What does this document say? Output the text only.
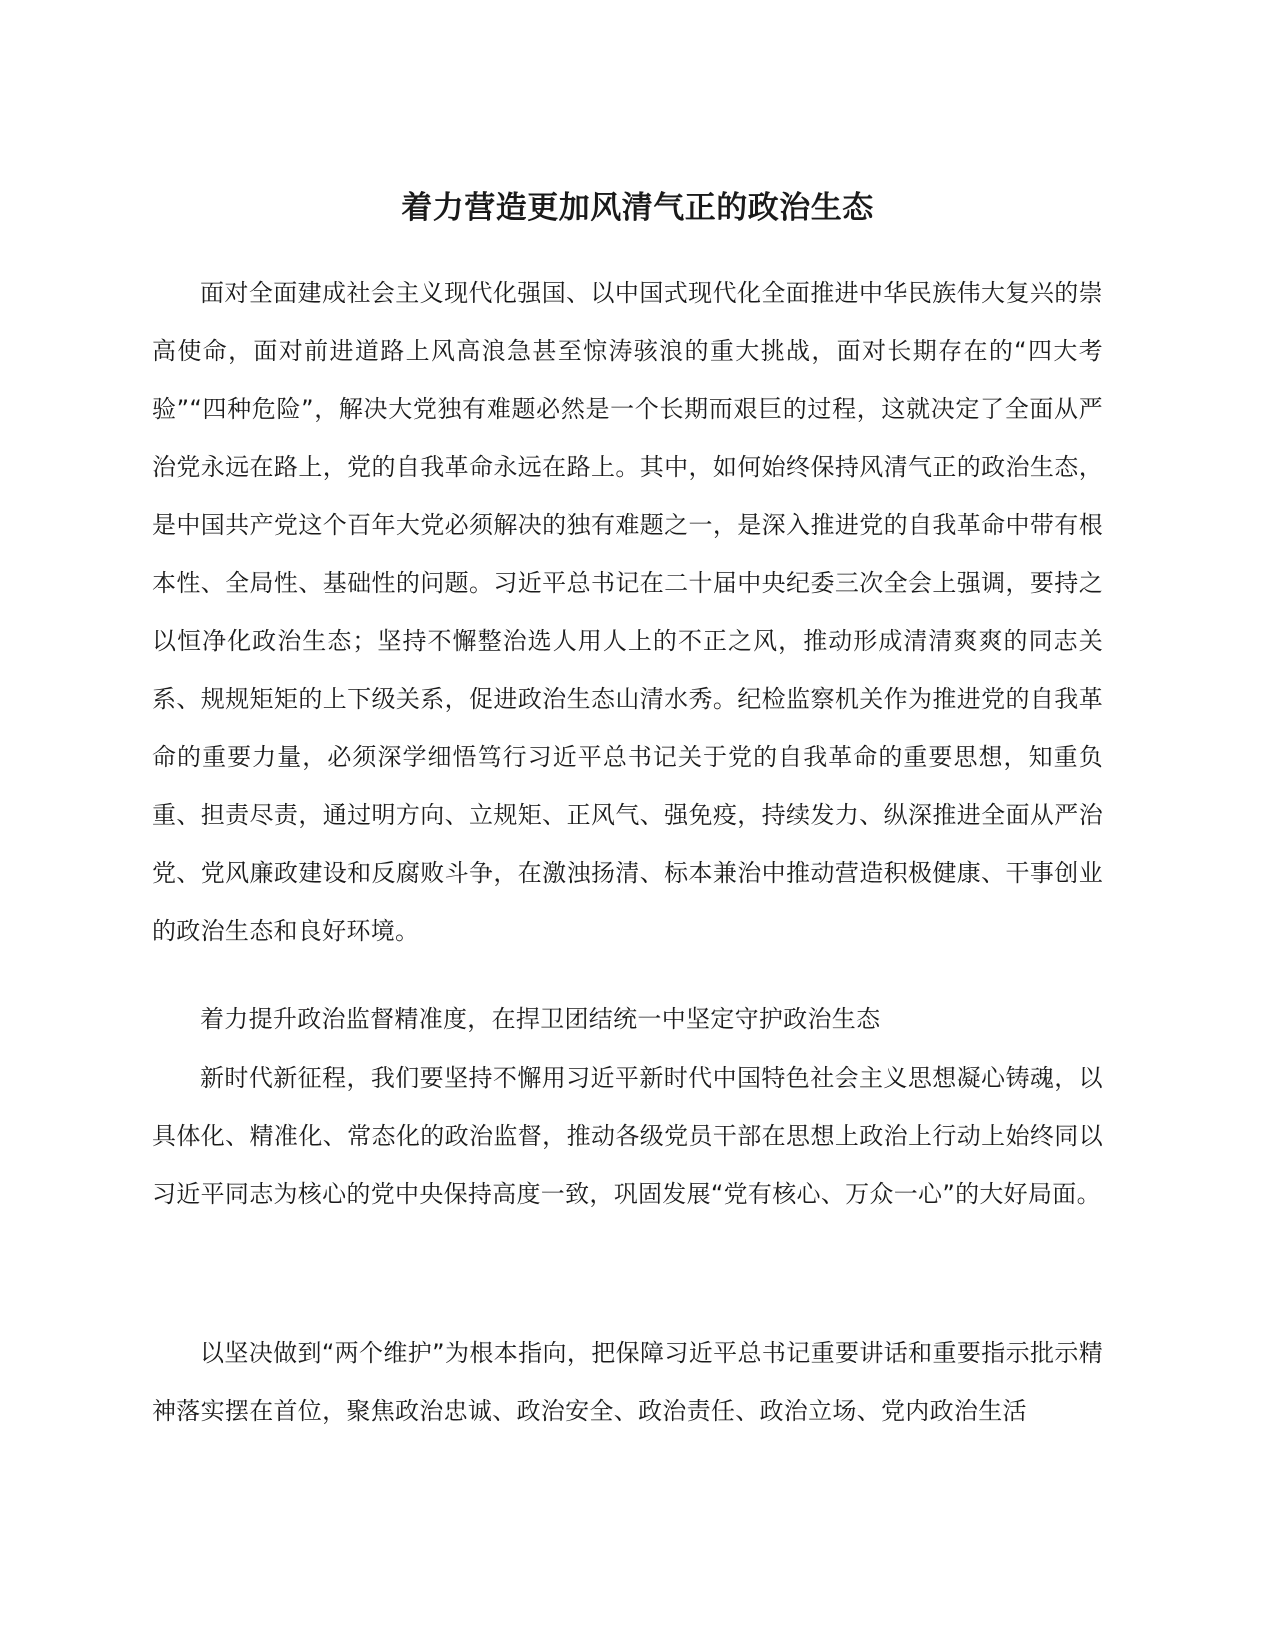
着力营造更加风清气正的政治生态

面对全面建成社会主义现代化强国、以中国式现代化全面推进中华民族伟大复兴的崇高使命，面对前进道路上风高浪急甚至惊涛骇浪的重大挑战，面对长期存在的“四大考验”“四种危险”，解决大党独有难题必然是一个长期而艰巨的过程，这就决定了全面从严治党永远在路上，党的自我革命永远在路上。其中，如何始终保持风清气正的政治生态，是中国共产党这个百年大党必须解决的独有难题之一，是深入推进党的自我革命中带有根本性、全局性、基础性的问题。习近平总书记在二十届中央纪委三次全会上强调，要持之以恒净化政治生态；坚持不懈整治选人用人上的不正之风，推动形成清清爽爽的同志关系、规规矩矩的上下级关系，促进政治生态山清水秀。纪检监察机关作为推进党的自我革命的重要力量，必须深学细悟笃行习近平总书记关于党的自我革命的重要思想，知重负重、担责尽责，通过明方向、立规矩、正风气、强免疫，持续发力、纵深推进全面从严治党、党风廉政建设和反腐败斗争，在激浊扬清、标本兼治中推动营造积极健康、干事创业的政治生态和良好环境。

着力提升政治监督精准度，在捍卫团结统一中坚定守护政治生态

新时代新征程，我们要坚持不懈用习近平新时代中国特色社会主义思想凝心铸魂，以具体化、精准化、常态化的政治监督，推动各级党员干部在思想上政治上行动上始终同以习近平同志为核心的党中央保持高度一致，巩固发展“党有核心、万众一心”的大好局面。

以坚决做到“两个维护”为根本指向，把保障习近平总书记重要讲话和重要指示批示精神落实摆在首位，聚焦政治忠诚、政治安全、政治责任、政治立场、党内政治生活
